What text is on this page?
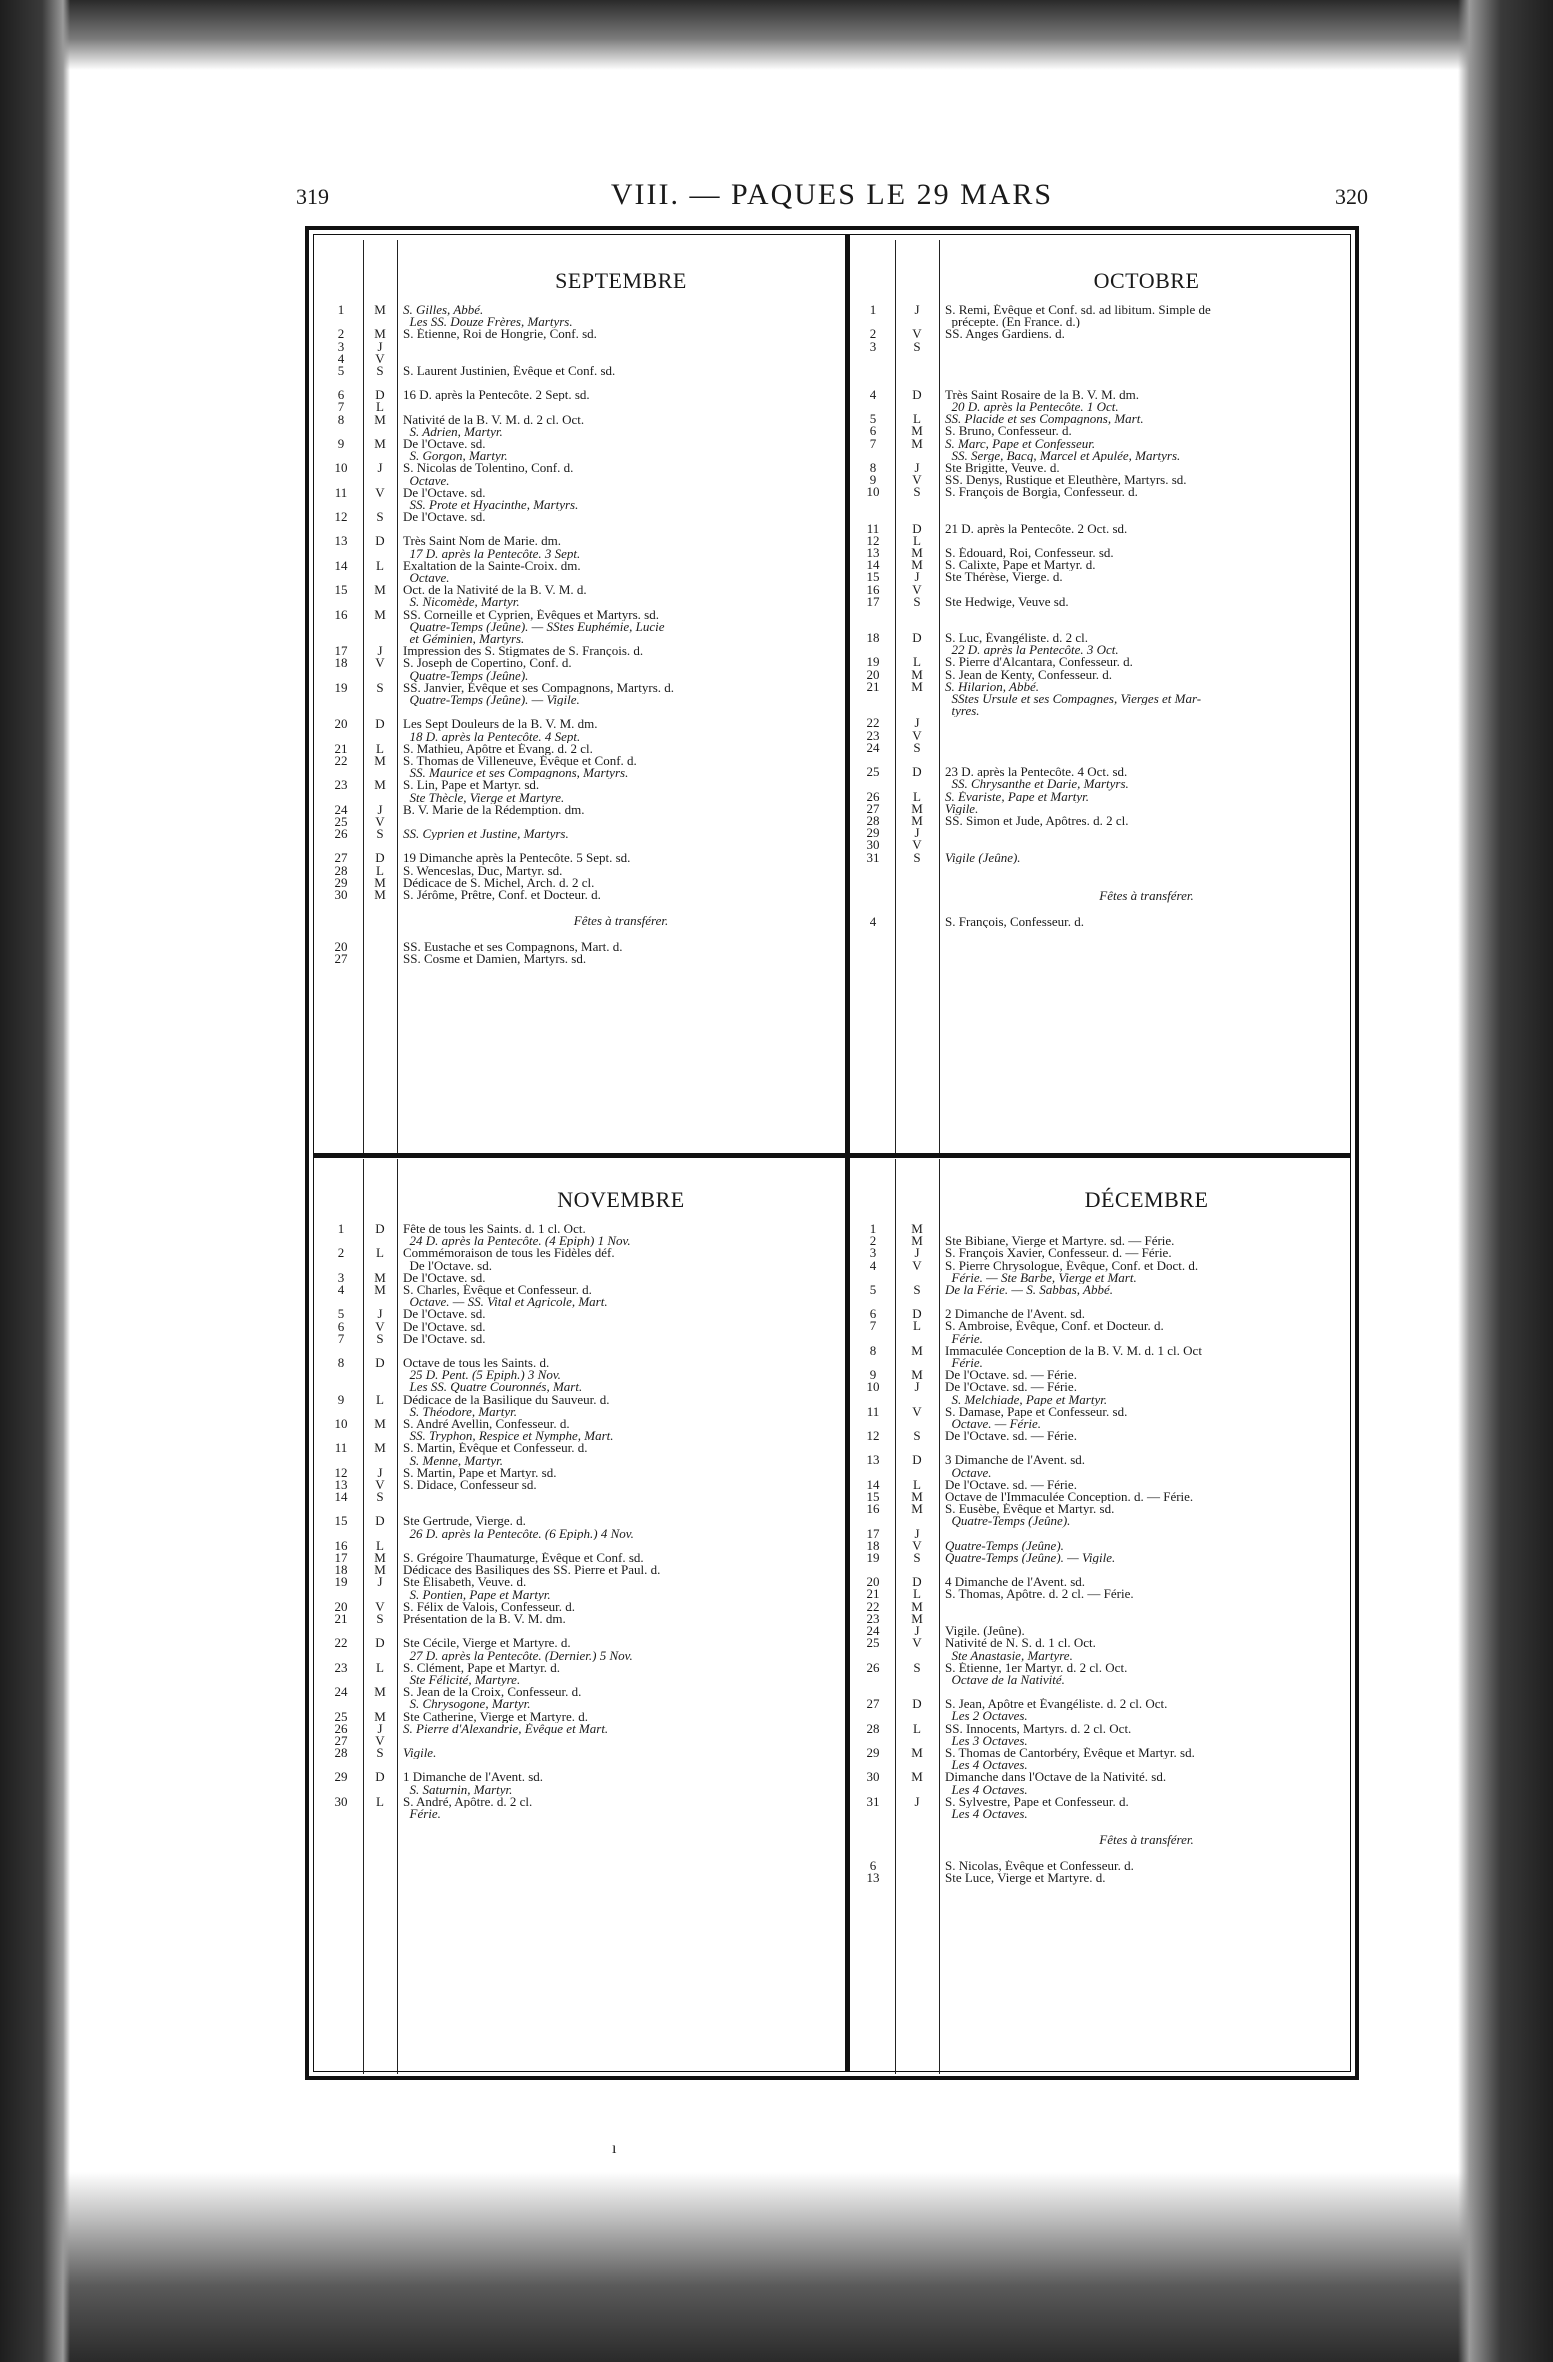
319	VIII. — PAQUES LE 29 MARS	320
SEPTEMBRE
1	M	S. Gilles, Abbé.
Les SS. Douze Frères, Martyrs.
2	M	S. Étienne, Roi de Hongrie, Conf. sd.
3	J
4	V
5	S	S. Laurent Justinien, Évêque et Conf. sd.
6	D	16 D. après la Pentecôte. 2 Sept. sd.
7	L
8	M	Nativité de la B. V. M. d. 2 cl. Oct.
S. Adrien, Martyr.
9	M	De l'Octave. sd.
S. Gorgon, Martyr.
10	J	S. Nicolas de Tolentino, Conf. d.
Octave.
11	V	De l'Octave. sd.
SS. Prote et Hyacinthe, Martyrs.
12	S	De l'Octave. sd.
13	D	Très Saint Nom de Marie. dm.
17 D. après la Pentecôte. 3 Sept.
14	L	Exaltation de la Sainte-Croix. dm.
Octave.
15	M	Oct. de la Nativité de la B. V. M. d.
S. Nicomède, Martyr.
16	M	SS. Corneille et Cyprien, Évêques et Martyrs. sd.
Quatre-Temps (Jeûne). — SStes Euphémie, Lucie
et Géminien, Martyrs.
17	J	Impression des S. Stigmates de S. François. d.
18	V	S. Joseph de Copertino, Conf. d.
Quatre-Temps (Jeûne).
19	S	SS. Janvier, Évêque et ses Compagnons, Martyrs. d.
Quatre-Temps (Jeûne). — Vigile.
20	D	Les Sept Douleurs de la B. V. M. dm.
18 D. après la Pentecôte. 4 Sept.
21	L	S. Mathieu, Apôtre et Évang. d. 2 cl.
22	M	S. Thomas de Villeneuve, Évêque et Conf. d.
SS. Maurice et ses Compagnons, Martyrs.
23	M	S. Lin, Pape et Martyr. sd.
Ste Thècle, Vierge et Martyre.
24	J	B. V. Marie de la Rédemption. dm.
25	V
26	S	SS. Cyprien et Justine, Martyrs.
27	D	19 Dimanche après la Pentecôte. 5 Sept. sd.
28	L	S. Wenceslas, Duc, Martyr. sd.
29	M	Dédicace de S. Michel, Arch. d. 2 cl.
30	M	S. Jérôme, Prêtre, Conf. et Docteur. d.
Fêtes à transférer.
20	SS. Eustache et ses Compagnons, Mart. d.
27	SS. Cosme et Damien, Martyrs. sd.
OCTOBRE
1	J	S. Remi, Évêque et Conf. sd. ad libitum. Simple de
précepte. (En France. d.)
2	V	SS. Anges Gardiens. d.
3	S
4	D	Très Saint Rosaire de la B. V. M. dm.
20 D. après la Pentecôte. 1 Oct.
5	L	SS. Placide et ses Compagnons, Mart.
6	M	S. Bruno, Confesseur. d.
7	M	S. Marc, Pape et Confesseur.
SS. Serge, Bacq, Marcel et Apulée, Martyrs.
8	J	Ste Brigitte, Veuve. d.
9	V	SS. Denys, Rustique et Eleuthère, Martyrs. sd.
10	S	S. François de Borgia, Confesseur. d.
11	D	21 D. après la Pentecôte. 2 Oct. sd.
12	L
13	M	S. Édouard, Roi, Confesseur. sd.
14	M	S. Calixte, Pape et Martyr. d.
15	J	Ste Thérèse, Vierge. d.
16	V
17	S	Ste Hedwige, Veuve sd.
18	D	S. Luc, Évangéliste. d. 2 cl.
22 D. après la Pentecôte. 3 Oct.
19	L	S. Pierre d'Alcantara, Confesseur. d.
20	M	S. Jean de Kenty, Confesseur. d.
21	M	S. Hilarion, Abbé.
SStes Ursule et ses Compagnes, Vierges et Mar-
tyres.
22	J
23	V
24	S
25	D	23 D. après la Pentecôte. 4 Oct. sd.
SS. Chrysanthe et Darie, Martyrs.
26	L	S. Évariste, Pape et Martyr.
27	M	Vigile.
28	M	SS. Simon et Jude, Apôtres. d. 2 cl.
29	J
30	V
31	S	Vigile (Jeûne).
Fêtes à transférer.
4	S. François, Confesseur. d.
NOVEMBRE
1	D	Fête de tous les Saints. d. 1 cl. Oct.
24 D. après la Pentecôte. (4 Epiph) 1 Nov.
2	L	Commémoraison de tous les Fidèles déf.
De l'Octave. sd.
3	M	De l'Octave. sd.
4	M	S. Charles, Évêque et Confesseur. d.
Octave. — SS. Vital et Agricole, Mart.
5	J	De l'Octave. sd.
6	V	De l'Octave. sd.
7	S	De l'Octave. sd.
8	D	Octave de tous les Saints. d.
25 D. Pent. (5 Epiph.) 3 Nov.
Les SS. Quatre Couronnés, Mart.
9	L	Dédicace de la Basilique du Sauveur. d.
S. Théodore, Martyr.
10	M	S. André Avellin, Confesseur. d.
SS. Tryphon, Respice et Nymphe, Mart.
11	M	S. Martin, Évêque et Confesseur. d.
S. Menne, Martyr.
12	J	S. Martin, Pape et Martyr. sd.
13	V	S. Didace, Confesseur sd.
14	S
15	D	Ste Gertrude, Vierge. d.
26 D. après la Pentecôte. (6 Epiph.) 4 Nov.
16	L
17	M	S. Grégoire Thaumaturge, Évêque et Conf. sd.
18	M	Dédicace des Basiliques des SS. Pierre et Paul. d.
19	J	Ste Élisabeth, Veuve. d.
S. Pontien, Pape et Martyr.
20	V	S. Félix de Valois, Confesseur. d.
21	S	Présentation de la B. V. M. dm.
22	D	Ste Cécile, Vierge et Martyre. d.
27 D. après la Pentecôte. (Dernier.) 5 Nov.
23	L	S. Clément, Pape et Martyr. d.
Ste Félicité, Martyre.
24	M	S. Jean de la Croix, Confesseur. d.
S. Chrysogone, Martyr.
25	M	Ste Catherine, Vierge et Martyre. d.
26	J	S. Pierre d'Alexandrie, Évêque et Mart.
27	V
28	S	Vigile.
29	D	1 Dimanche de l'Avent. sd.
S. Saturnin, Martyr.
30	L	S. André, Apôtre. d. 2 cl.
Férie.
DÉCEMBRE
1	M
2	M	Ste Bibiane, Vierge et Martyre. sd. — Férie.
3	J	S. François Xavier, Confesseur. d. — Férie.
4	V	S. Pierre Chrysologue, Évêque, Conf. et Doct. d.
Férie. — Ste Barbe, Vierge et Mart.
5	S	De la Férie. — S. Sabbas, Abbé.
6	D	2 Dimanche de l'Avent. sd.
7	L	S. Ambroise, Évêque, Conf. et Docteur. d.
Férie.
8	M	Immaculée Conception de la B. V. M. d. 1 cl. Oct
Férie.
9	M	De l'Octave. sd. — Férie.
10	J	De l'Octave. sd. — Férie.
S. Melchiade, Pape et Martyr.
11	V	S. Damase, Pape et Confesseur. sd.
Octave. — Férie.
12	S	De l'Octave. sd. — Férie.
13	D	3 Dimanche de l'Avent. sd.
Octave.
14	L	De l'Octave. sd. — Férie.
15	M	Octave de l'Immaculée Conception. d. — Férie.
16	M	S. Eusèbe, Évêque et Martyr. sd.
Quatre-Temps (Jeûne).
17	J
18	V	Quatre-Temps (Jeûne).
19	S	Quatre-Temps (Jeûne). — Vigile.
20	D	4 Dimanche de l'Avent. sd.
21	L	S. Thomas, Apôtre. d. 2 cl. — Férie.
22	M
23	M
24	J	Vigile. (Jeûne).
25	V	Nativité de N. S. d. 1 cl. Oct.
Ste Anastasie, Martyre.
26	S	S. Étienne, 1er Martyr. d. 2 cl. Oct.
Octave de la Nativité.
27	D	S. Jean, Apôtre et Évangéliste. d. 2 cl. Oct.
Les 2 Octaves.
28	L	SS. Innocents, Martyrs. d. 2 cl. Oct.
Les 3 Octaves.
29	M	S. Thomas de Cantorbéry, Évêque et Martyr. sd.
Les 4 Octaves.
30	M	Dimanche dans l'Octave de la Nativité. sd.
Les 4 Octaves.
31	J	S. Sylvestre, Pape et Confesseur. d.
Les 4 Octaves.
Fêtes à transférer.
6	S. Nicolas, Évêque et Confesseur. d.
13	Ste Luce, Vierge et Martyre. d.
ı
